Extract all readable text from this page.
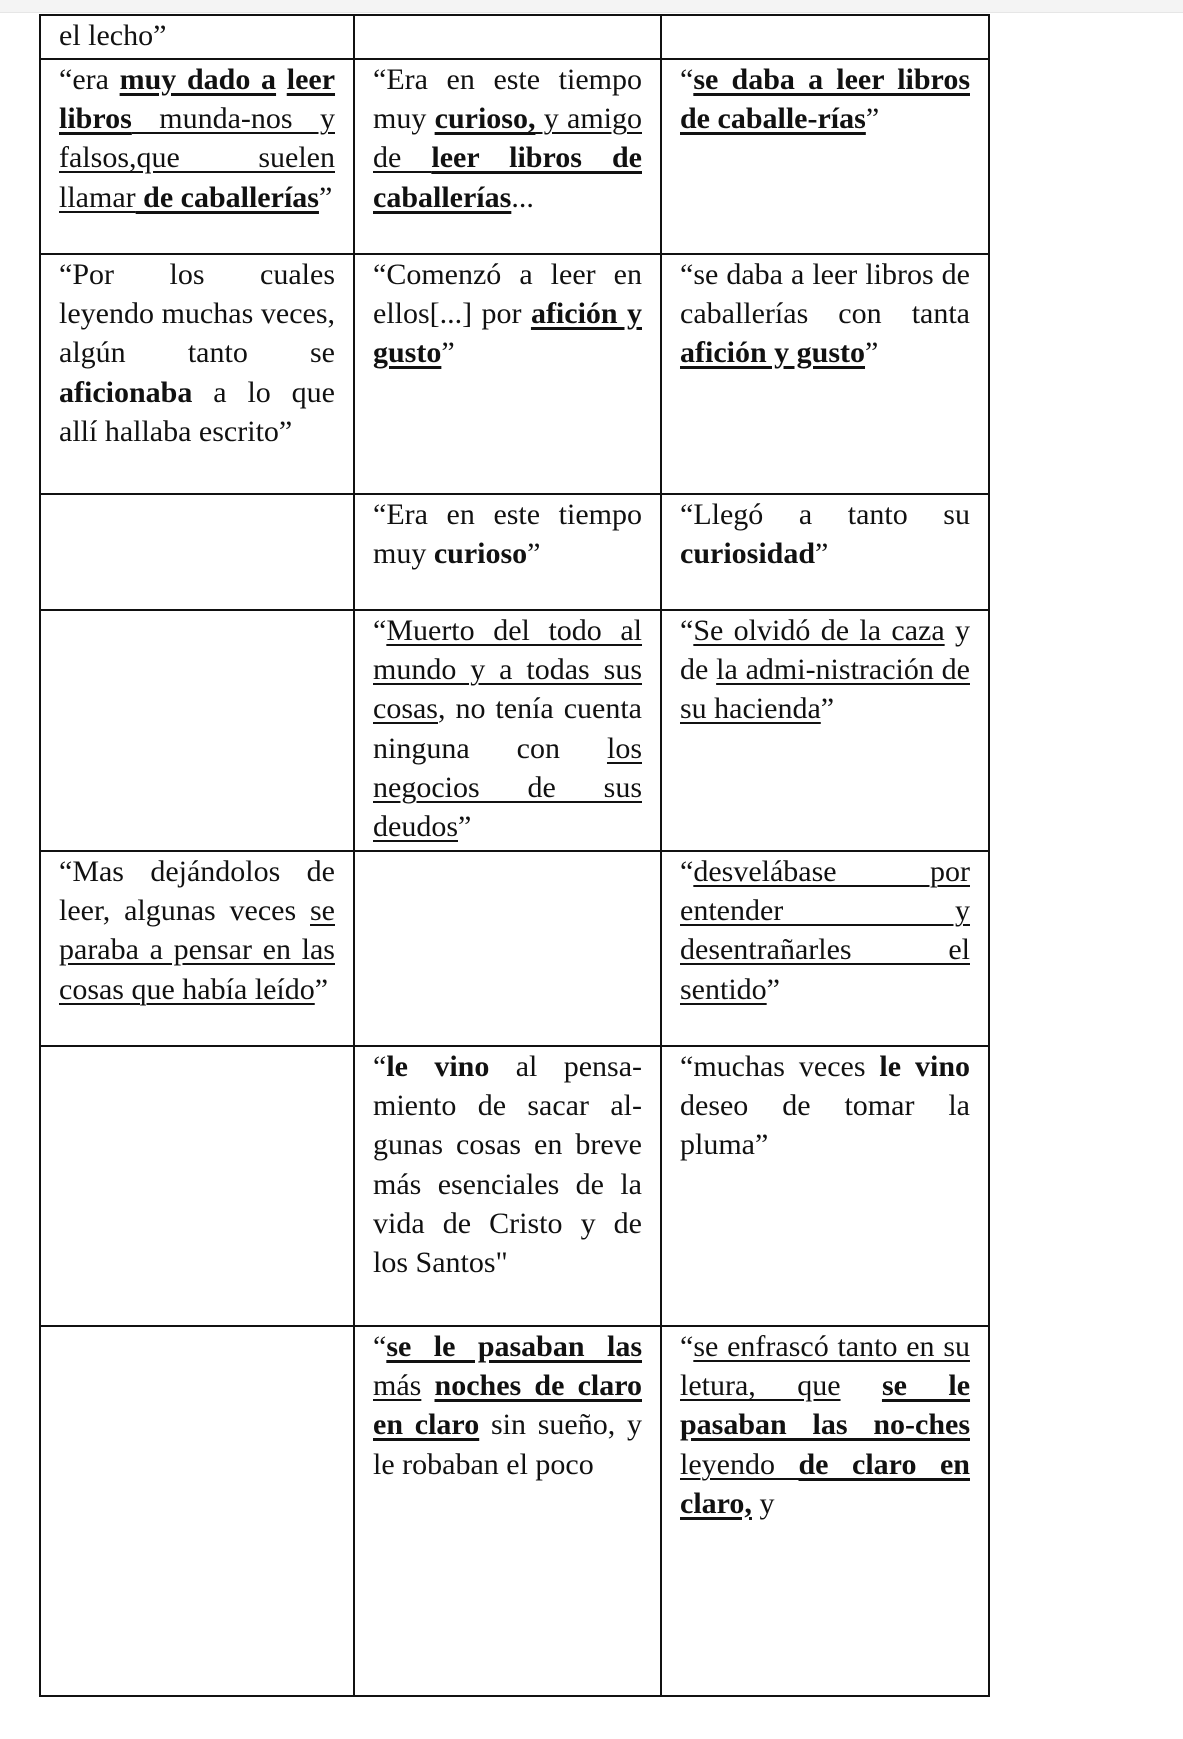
el lecho”		

“era muy dado a leer libros munda-nos y falsos,que suelen llamar de caballerías”	“Era en este tiempo muy curioso, y amigo de leer libros de caballerías...	“se daba a leer libros de caballe-rías”

“Por los cuales leyendo muchas veces, algún tanto se aficionaba a lo que allí hallaba escrito”	“Comenzó a leer en ellos[...] por afición y gusto”	“se daba a leer libros de caballerías con tanta afición y gusto”

	“Era en este tiempo muy curioso”	“Llegó a tanto su curiosidad”

	“Muerto del todo al mundo y a todas sus cosas, no tenía cuenta ninguna con los negocios de sus deudos”	“Se olvidó de la caza y de la admi-nistración de su hacienda”

“Mas dejándolos de leer, algunas veces se paraba a pensar en las cosas que había leído”		“desvelábase por entender y desentrañarles el sentido”

	“le vino al pensa-miento de sacar al-gunas cosas en breve más esenciales de la vida de Cristo y de los Santos"	“muchas veces le vino deseo de tomar la pluma”

	“se le pasaban las más noches de claro en claro sin sueño, y le robaban el poco	“se enfrascó tanto en su letura, que se le pasaban las no-ches leyendo de claro en claro, y
